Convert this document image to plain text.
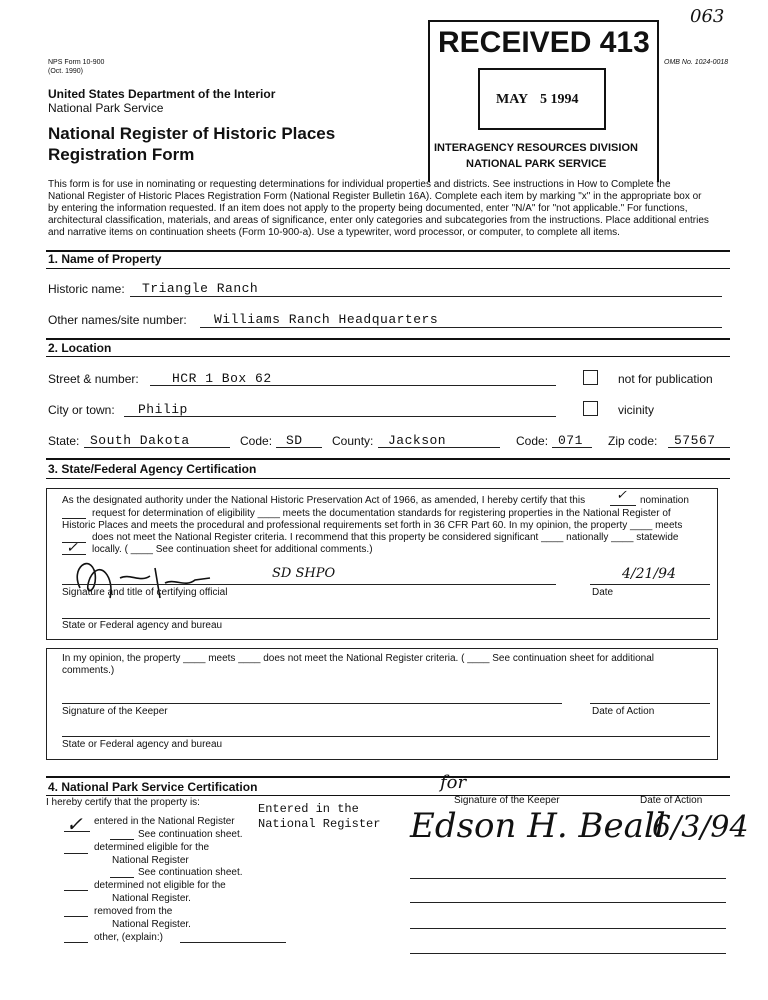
063
NPS Form 10-900
(Oct. 1990)
United States Department of the Interior
National Park Service
National Register of Historic Places
Registration Form
OMB No. 1024-0018
RECEIVED 413
MAY 5 1994
INTERAGENCY RESOURCES DIVISION
NATIONAL PARK SERVICE
This form is for use in nominating or requesting determinations for individual properties and districts. See instructions in How to Complete the
National Register of Historic Places Registration Form (National Register Bulletin 16A). Complete each item by marking "x" in the appropriate box or
by entering the information requested. If an item does not apply to the property being documented, enter "N/A" for "not applicable." For functions,
architectural classification, materials, and areas of significance, enter only categories and subcategories from the instructions. Place additional entries
and narrative items on continuation sheets (Form 10-900-a). Use a typewriter, word processor, or computer, to complete all items.
1. Name of Property
Historic name: Triangle Ranch
Other names/site number: Williams Ranch Headquarters
2. Location
Street & number:	HCR 1 Box 62	not for publication
City or town: Philip	vicinity
State: South Dakota	Code: SD County: Jackson	Code: 071 Zip code: 57567
3. State/Federal Agency Certification
As the designated authority under the National Historic Preservation Act of 1966, as amended, I hereby certify that this ✓ nomination
request for determination of eligibility ____ meets the documentation standards for registering properties in the National Register of
Historic Places and meets the procedural and professional requirements set forth in 36 CFR Part 60. In my opinion, the property ____ meets
does not meet the National Register criteria. I recommend that this property be considered significant ____ nationally ____ statewide
✓ locally. ( ____ See continuation sheet for additional comments.)
SD SHPO	4/21/94
Signature and title of certifying official	Date
State or Federal agency and bureau
In my opinion, the property ____ meets ____ does not meet the National Register criteria. ( ____ See continuation sheet for additional
comments.)
Signature of the Keeper	Date of Action
State or Federal agency and bureau
4. National Park Service Certification
I hereby certify that the property is:
✓ entered in the National Register
See continuation sheet.
determined eligible for the
National Register
See continuation sheet.
determined not eligible for the
National Register.
removed from the
National Register.
other, (explain:)
Entered in the
National Register
Signature of the Keeper	Date of Action
for
Edson H. Beall
6/3/94
